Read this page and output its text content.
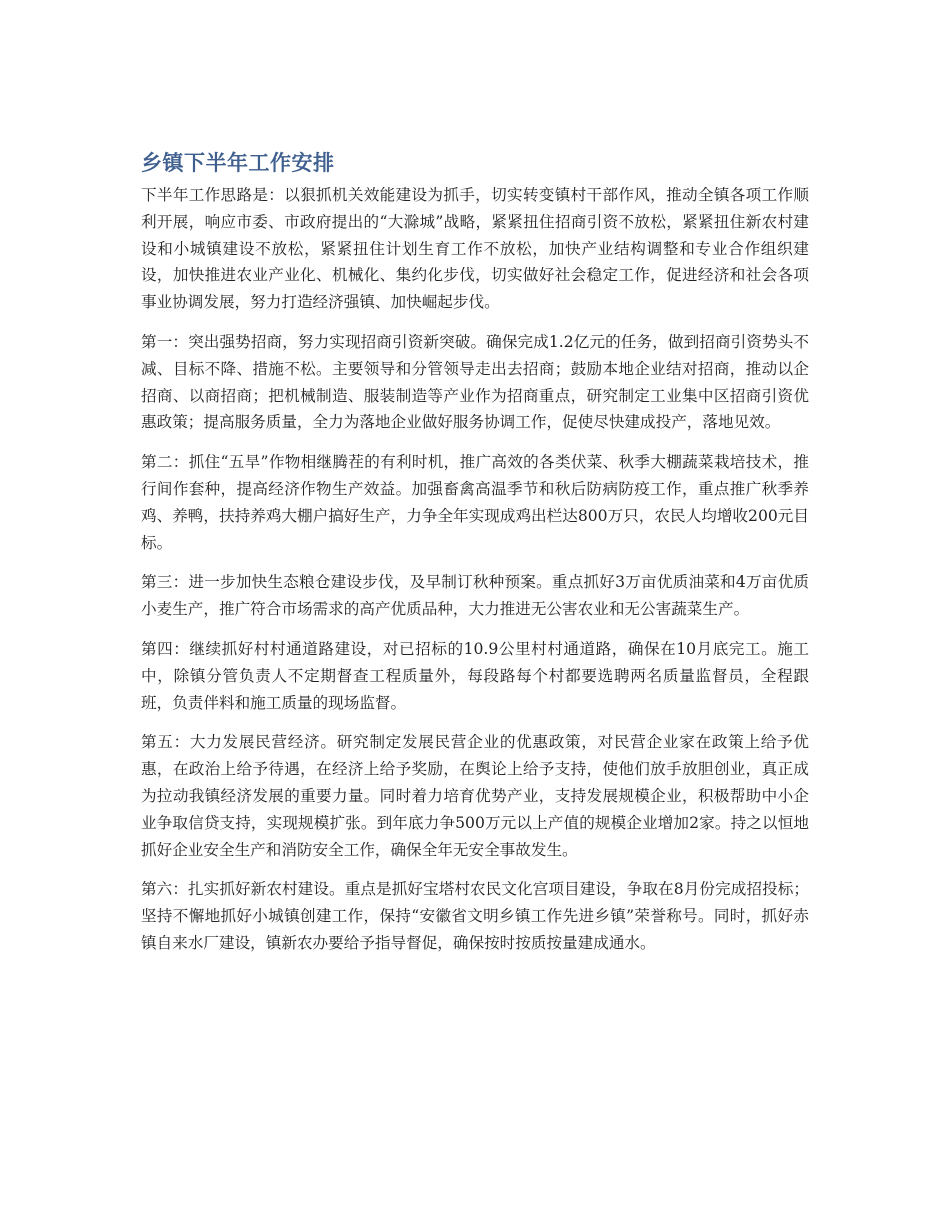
乡镇下半年工作安排

下半年工作思路是：以狠抓机关效能建设为抓手，切实转变镇村干部作风，推动全镇各项工作顺利开展，响应市委、市政府提出的“大滁城”战略，紧紧扭住招商引资不放松，紧紧扭住新农村建设和小城镇建设不放松，紧紧扭住计划生育工作不放松，加快产业结构调整和专业合作组织建设，加快推进农业产业化、机械化、集约化步伐，切实做好社会稳定工作，促进经济和社会各项事业协调发展，努力打造经济强镇、加快崛起步伐。

第一：突出强势招商，努力实现招商引资新突破。确保完成1.2亿元的任务，做到招商引资势头不减、目标不降、措施不松。主要领导和分管领导走出去招商；鼓励本地企业结对招商，推动以企招商、以商招商；把机械制造、服装制造等产业作为招商重点，研究制定工业集中区招商引资优惠政策；提高服务质量，全力为落地企业做好服务协调工作，促使尽快建成投产，落地见效。

第二：抓住“五旱”作物相继腾茬的有利时机，推广高效的各类伏菜、秋季大棚蔬菜栽培技术，推行间作套种，提高经济作物生产效益。加强畜禽高温季节和秋后防病防疫工作，重点推广秋季养鸡、养鸭，扶持养鸡大棚户搞好生产，力争全年实现成鸡出栏达800万只，农民人均增收200元目标。

第三：进一步加快生态粮仓建设步伐，及早制订秋种预案。重点抓好3万亩优质油菜和4万亩优质小麦生产，推广符合市场需求的高产优质品种，大力推进无公害农业和无公害蔬菜生产。

第四：继续抓好村村通道路建设，对已招标的10.9公里村村通道路，确保在10月底完工。施工中，除镇分管负责人不定期督查工程质量外，每段路每个村都要选聘两名质量监督员，全程跟班，负责伴料和施工质量的现场监督。

第五：大力发展民营经济。研究制定发展民营企业的优惠政策，对民营企业家在政策上给予优惠，在政治上给予待遇，在经济上给予奖励，在舆论上给予支持，使他们放手放胆创业，真正成为拉动我镇经济发展的重要力量。同时着力培育优势产业，支持发展规模企业，积极帮助中小企业争取信贷支持，实现规模扩张。到年底力争500万元以上产值的规模企业增加2家。持之以恒地抓好企业安全生产和消防安全工作，确保全年无安全事故发生。

第六：扎实抓好新农村建设。重点是抓好宝塔村农民文化宫项目建设，争取在8月份完成招投标；坚持不懈地抓好小城镇创建工作，保持“安徽省文明乡镇工作先进乡镇”荣誉称号。同时，抓好赤镇自来水厂建设，镇新农办要给予指导督促，确保按时按质按量建成通水。
